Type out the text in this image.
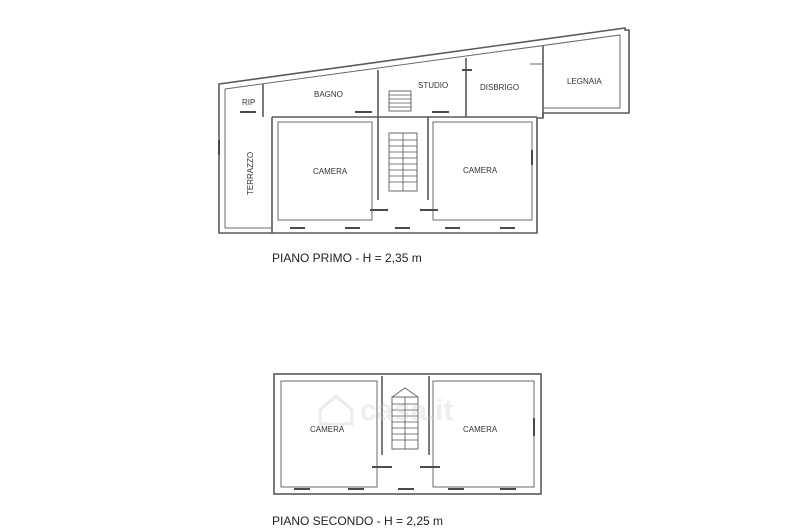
RIP
BAGNO
STUDIO	DISBRIGO
LEGNAIA
TERRAZZO	CAMERA	CAMERA
CAMERA	CAMERA
casa.it
PIANO PRIMO - H = 2,35 m
PIANO SECONDO - H = 2,25 m
